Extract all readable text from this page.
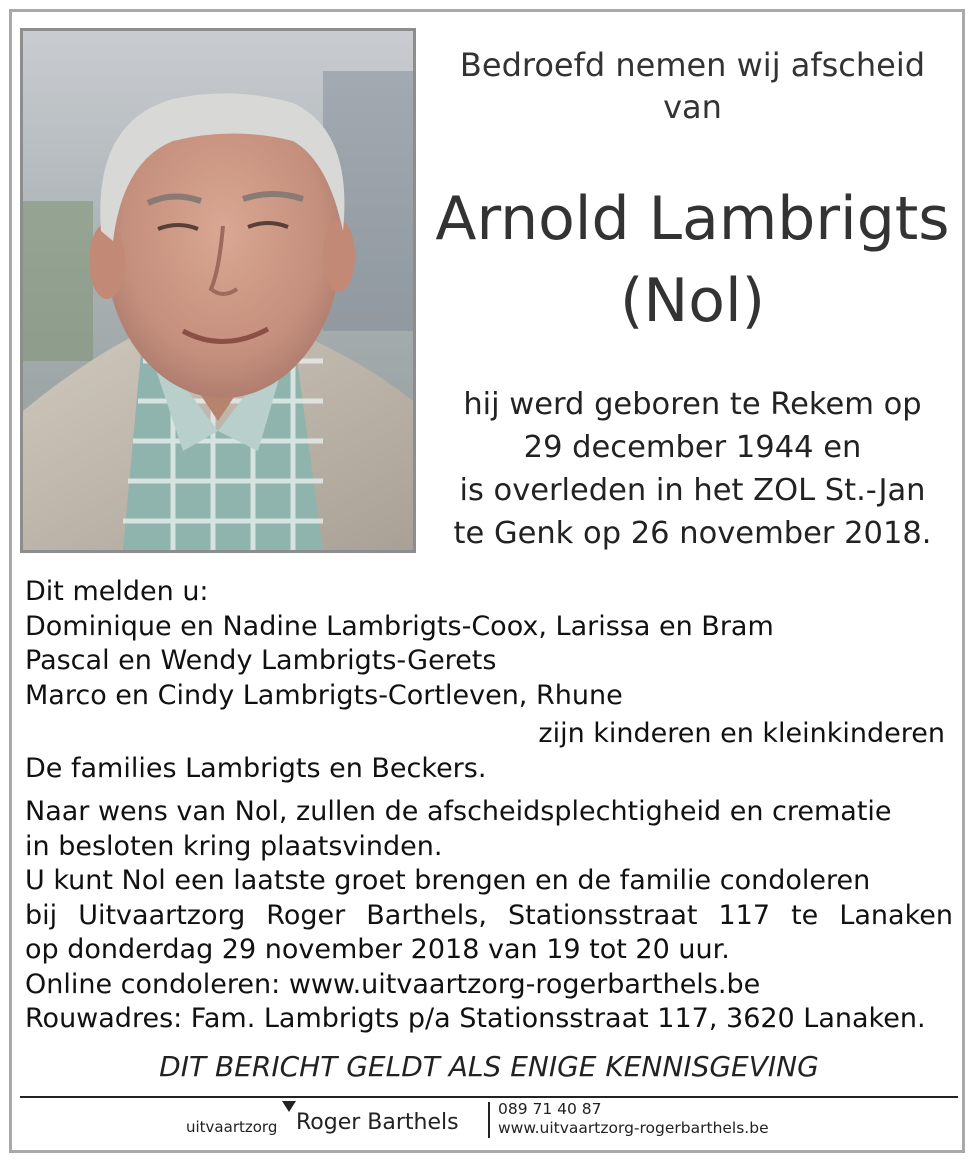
Bedroefd nemen wij afscheid
van
Arnold Lambrigts
(Nol)
hij werd geboren te Rekem op
29 december 1944 en
is overleden in het ZOL St.-Jan
te Genk op 26 november 2018.
Dit melden u:
Dominique en Nadine Lambrigts-Coox, Larissa en Bram
Pascal en Wendy Lambrigts-Gerets
Marco en Cindy Lambrigts-Cortleven, Rhune
zijn kinderen en kleinkinderen
De families Lambrigts en Beckers.
Naar wens van Nol, zullen de afscheidsplechtigheid en crematie
in besloten kring plaatsvinden.
U kunt Nol een laatste groet brengen en de familie condoleren
bij Uitvaartzorg Roger Barthels, Stationsstraat 117 te Lanaken
op donderdag 29 november 2018 van 19 tot 20 uur.
Online condoleren: www.uitvaartzorg-rogerbarthels.be
Rouwadres: Fam. Lambrigts p/a Stationsstraat 117, 3620 Lanaken.
DIT BERICHT GELDT ALS ENIGE KENNISGEVING
uitvaartzorg Roger Barthels
089 71 40 87
www.uitvaartzorg-rogerbarthels.be
